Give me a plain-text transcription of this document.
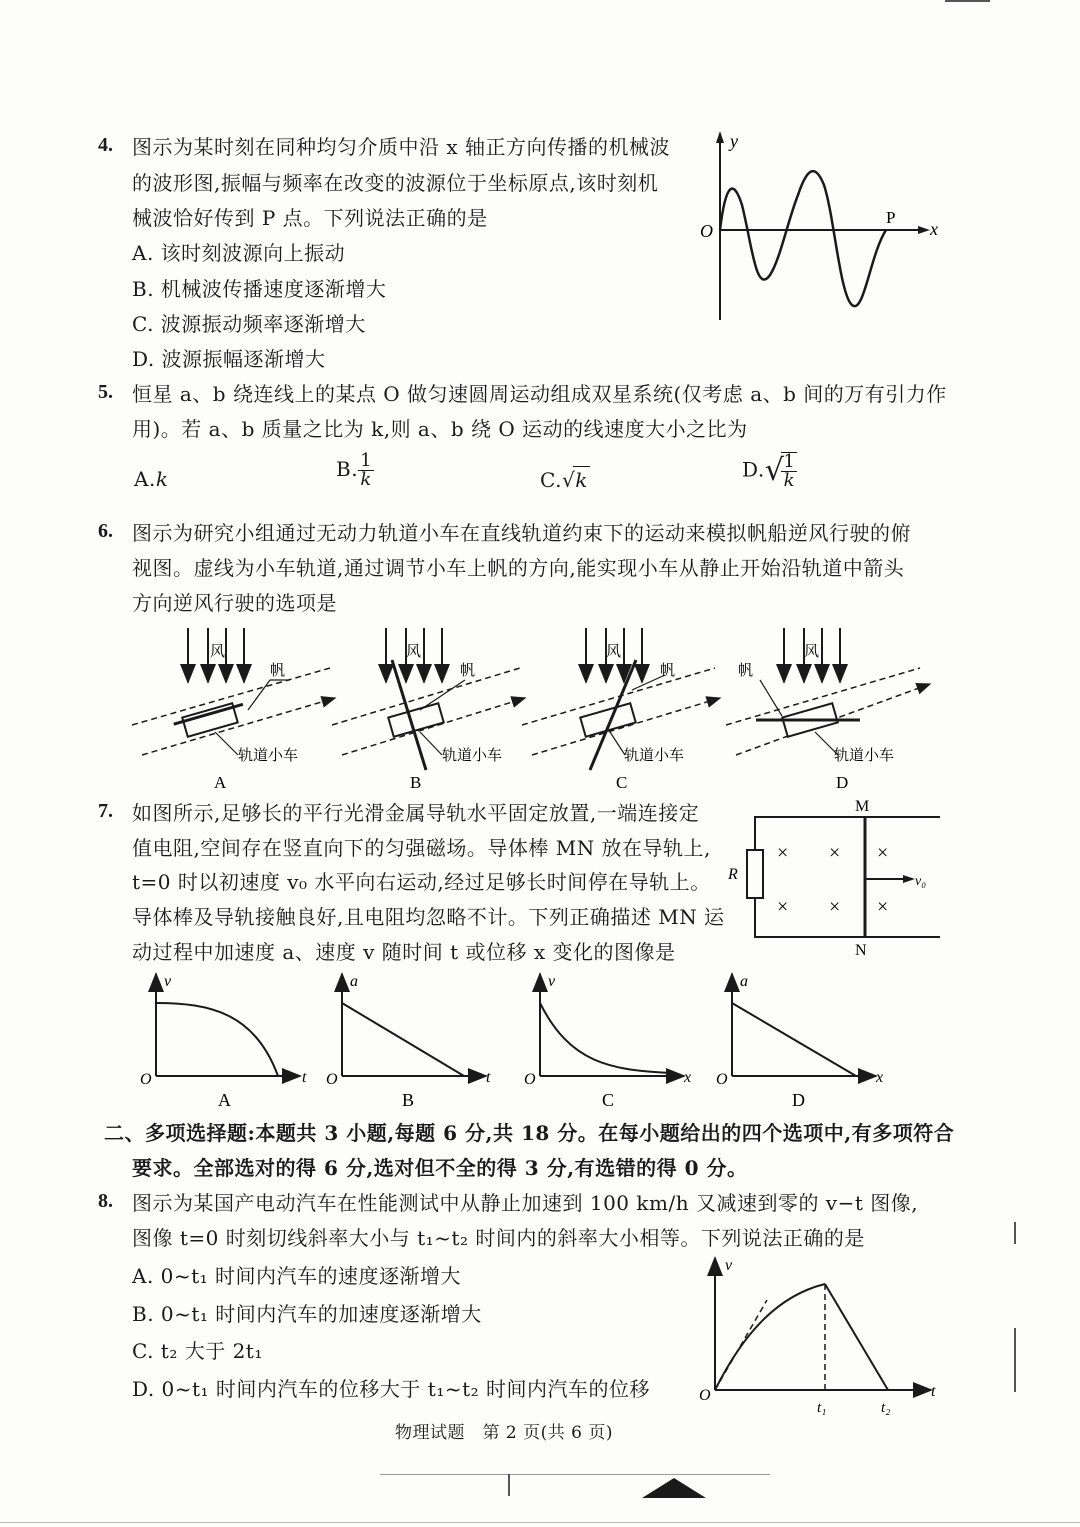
4. 图示为某时刻在同种均匀介质中沿 x 轴正方向传播的机械波
的波形图,振幅与频率在改变的波源位于坐标原点,该时刻机
械波恰好传到 P 点。下列说法正确的是
A. 该时刻波源向上振动
B. 机械波传播速度逐渐增大
C. 波源振动频率逐渐增大
D. 波源振幅逐渐增大
y
O
P
x
5. 恒星 a、b 绕连线上的某点 O 做匀速圆周运动组成双星系统(仅考虑 a、b 间的万有引力作
用)。若 a、b 质量之比为 k,则 a、b 绕 O 运动的线速度大小之比为
A.k	B. $\frac{1}{k}$	C.√k	D.√
$\frac{1}{k}$
6. 图示为研究小组通过无动力轨道小车在直线轨道约束下的运动来模拟帆船逆风行驶的俯
视图。虚线为小车轨道,通过调节小车上帆的方向,能实现小车从静止开始沿轨道中箭头
方向逆风行驶的选项是
风
帆
轨道小车
A
风
帆
轨道小车
B
风
帆
轨道小车
C
风
帆
轨道小车
D
7. 如图所示,足够长的平行光滑金属导轨水平固定放置,一端连接定
值电阻,空间存在竖直向下的匀强磁场。导体棒 MN 放在导轨上,
t=0 时以初速度 v₀ 水平向右运动,经过足够长时间停在导轨上。
导体棒及导轨接触良好,且电阻均忽略不计。下列正确描述 MN 运
动过程中加速度 a、速度 v 随时间 t 或位移 x 变化的图像是
M
N
R	v₀
× × ×
× × ×
v
t
O
A
a
t
O
B
v
x
O
C
a
x
O
D
二、多项选择题:本题共 3 小题,每题 6 分,共 18 分。在每小题给出的四个选项中,有多项符合
要求。全部选对的得 6 分,选对但不全的得 3 分,有选错的得 0 分。
8. 图示为某国产电动汽车在性能测试中从静止加速到 100 km/h 又减速到零的 v−t 图像,
图像 t=0 时刻切线斜率大小与 t₁~t₂ 时间内的斜率大小相等。下列说法正确的是
A. 0~t₁ 时间内汽车的速度逐渐增大
B. 0~t₁ 时间内汽车的加速度逐渐增大
C. t₂ 大于 2t₁
D. 0~t₁ 时间内汽车的位移大于 t₁~t₂ 时间内汽车的位移
v
t
O
t₁	t₂
物理试题　第 2 页(共 6 页)
